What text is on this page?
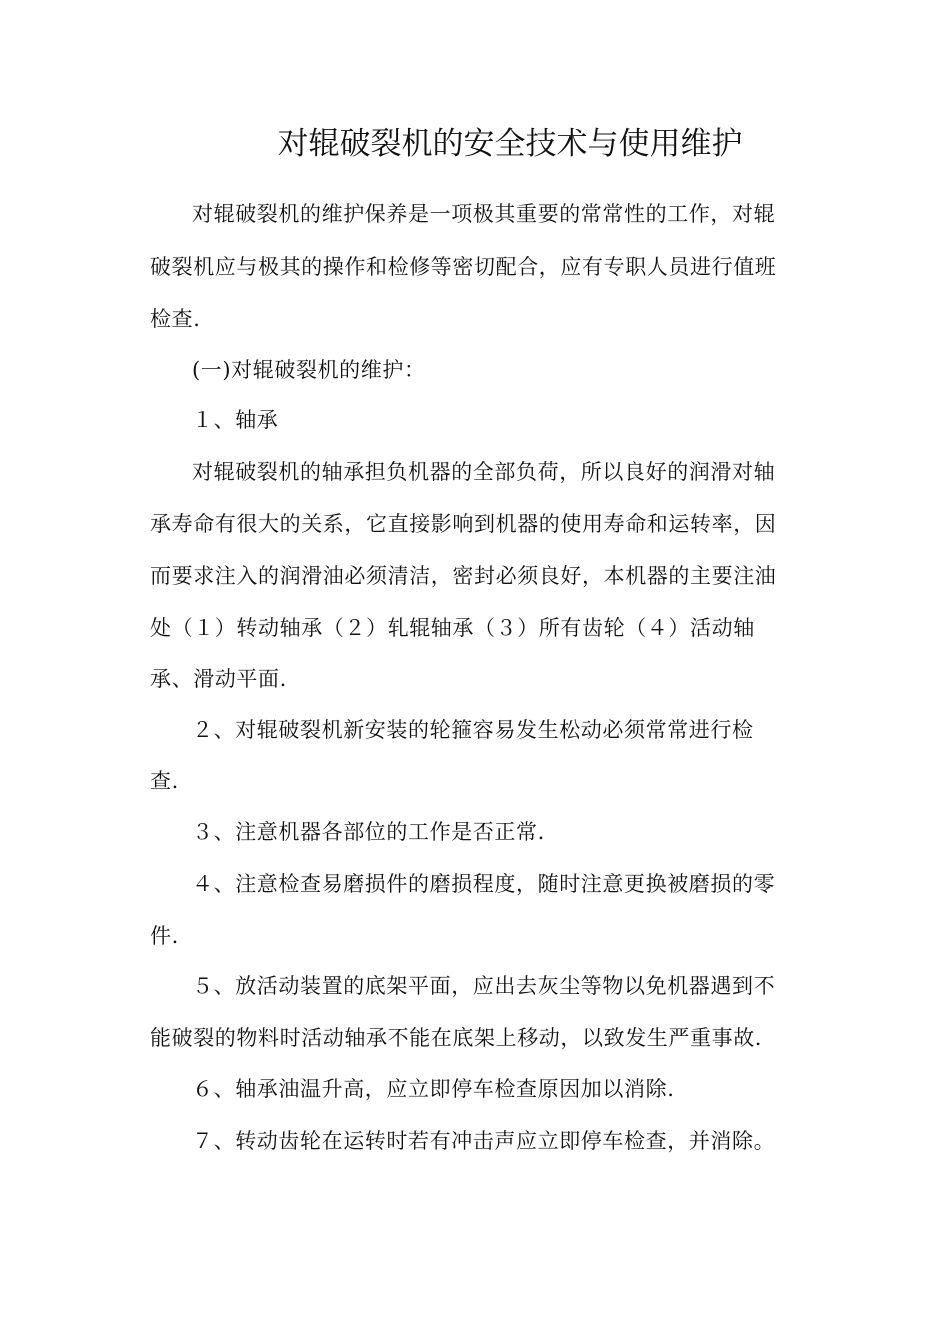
对辊破裂机的安全技术与使用维护
对辊破裂机的维护保养是一项极其重要的常常性的工作，对辊
破裂机应与极其的操作和检修等密切配合，应有专职人员进行值班
检查.
(一)对辊破裂机的维护：
１、轴承
对辊破裂机的轴承担负机器的全部负荷，所以良好的润滑对轴
承寿命有很大的关系，它直接影响到机器的使用寿命和运转率，因
而要求注入的润滑油必须清洁，密封必须良好，本机器的主要注油
处（１）转动轴承（２）轧辊轴承（３）所有齿轮（４）活动轴
承、滑动平面.
２、对辊破裂机新安装的轮箍容易发生松动必须常常进行检
查.
３、注意机器各部位的工作是否正常.
４、注意检查易磨损件的磨损程度，随时注意更换被磨损的零
件.
５、放活动装置的底架平面，应出去灰尘等物以免机器遇到不
能破裂的物料时活动轴承不能在底架上移动，以致发生严重事故.
６、轴承油温升高，应立即停车检查原因加以消除.
７、转动齿轮在运转时若有冲击声应立即停车检查，并消除。
